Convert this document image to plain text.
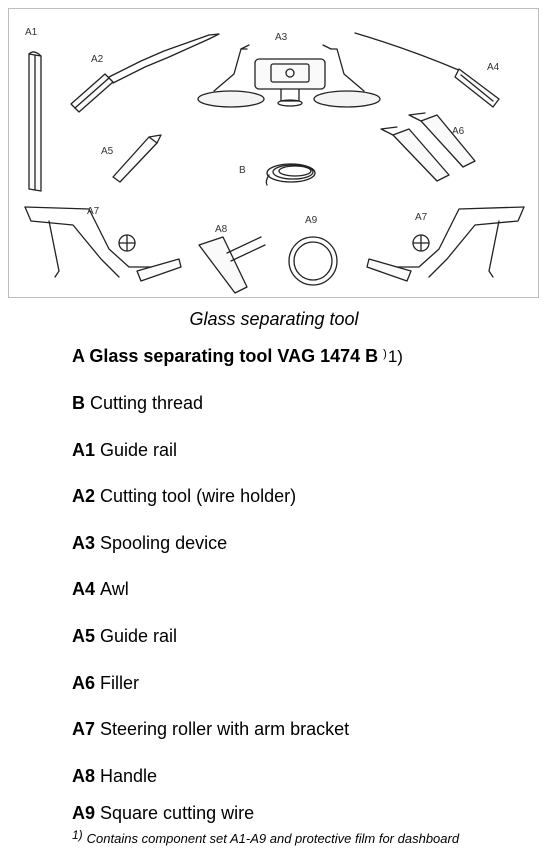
A1
A2
A3
A4
A5
B
A6
A7
A8
A9	A7
Glass separating tool
A Glass separating tool VAG 1474 B )1)
B Cutting thread
A1 Guide rail
A2 Cutting tool (wire holder)
A3 Spooling device
A4 Awl
A5 Guide rail
A6 Filler
A7 Steering roller with arm bracket
A8 Handle
A9 Square cutting wire
$^{1)}$ Contains component set A1-A9 and protective film for dashboard
